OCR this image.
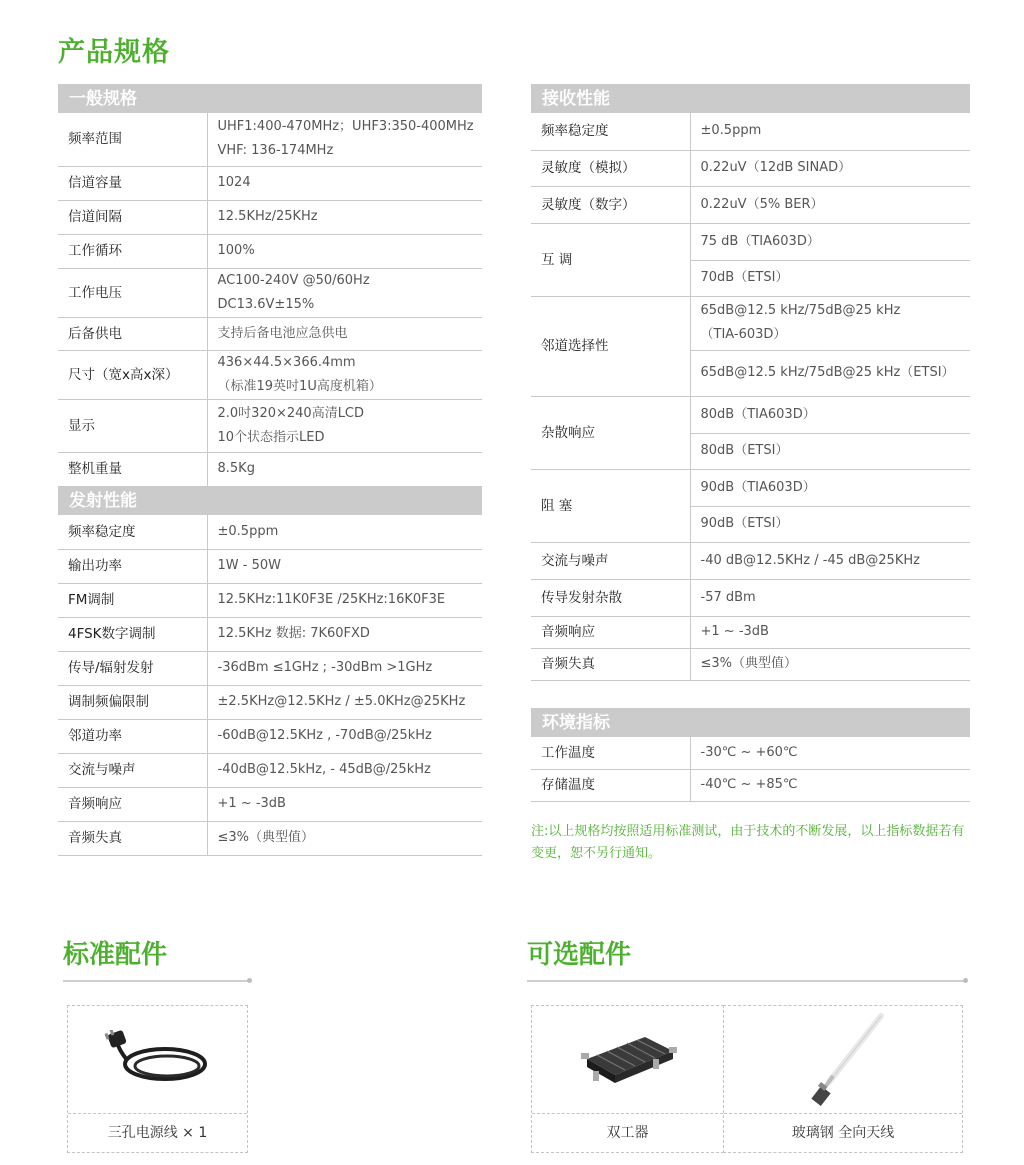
产品规格
一般规格	
频率范围	UHF1:400-470MHz；UHF3:350-400MHz
VHF: 136-174MHz

信道容量	1024
信道间隔	12.5KHz/25KHz
工作循环	100%
工作电压	AC100-240V @50/60Hz
DC13.6V±15%

后备供电	支持后备电池应急供电
尺寸（宽x高x深）	436×44.5×366.4mm
（标准19英吋1U高度机箱）

显示	2.0吋320×240高清LCD
10个状态指示LED

整机重量	8.5Kg
发射性能	
频率稳定度	±0.5ppm
输出功率	1W - 50W
FM调制	12.5KHz:11K0F3E /25KHz:16K0F3E
4FSK数字调制	12.5KHz 数据: 7K60FXD
传导/辐射发射	-36dBm ≤1GHz ; -30dBm >1GHz
调制频偏限制	±2.5KHz@12.5KHz / ±5.0KHz@25KHz
邻道功率	-60dB@12.5KHz , -70dB@/25kHz
交流与噪声	-40dB@12.5kHz, - 45dB@/25kHz
音频响应	+1 ~ -3dB
音频失真	≤3%（典型值）
接收性能	
频率稳定度	±0.5ppm
灵敏度（模拟）	0.22uV（12dB SINAD）
灵敏度（数字）	0.22uV（5% BER）
互 调	75 dB（TIA603D）
	70dB（ETSI）
邻道选择性	65dB@12.5 kHz/75dB@25 kHz
（TIA-603D）

	65dB@12.5 kHz/75dB@25 kHz（ETSI）
杂散响应	80dB（TIA603D）
	80dB（ETSI）
阻 塞	90dB（TIA603D）
	90dB（ETSI）
交流与噪声	-40 dB@12.5KHz / -45 dB@25KHz
传导发射杂散	-57 dBm
音频响应	+1 ~ -3dB
音频失真	≤3%（典型值）

环境指标	
工作温度	-30℃ ~ +60℃
存储温度	-40℃ ~ +85℃

注:以上规格均按照适用标准测试，由于技术的不断发展，以上指标数据若有变更，恕不另行通知。

标准配件
三孔电源线 × 1
可选配件
双工器	玻璃钢 全向天线
